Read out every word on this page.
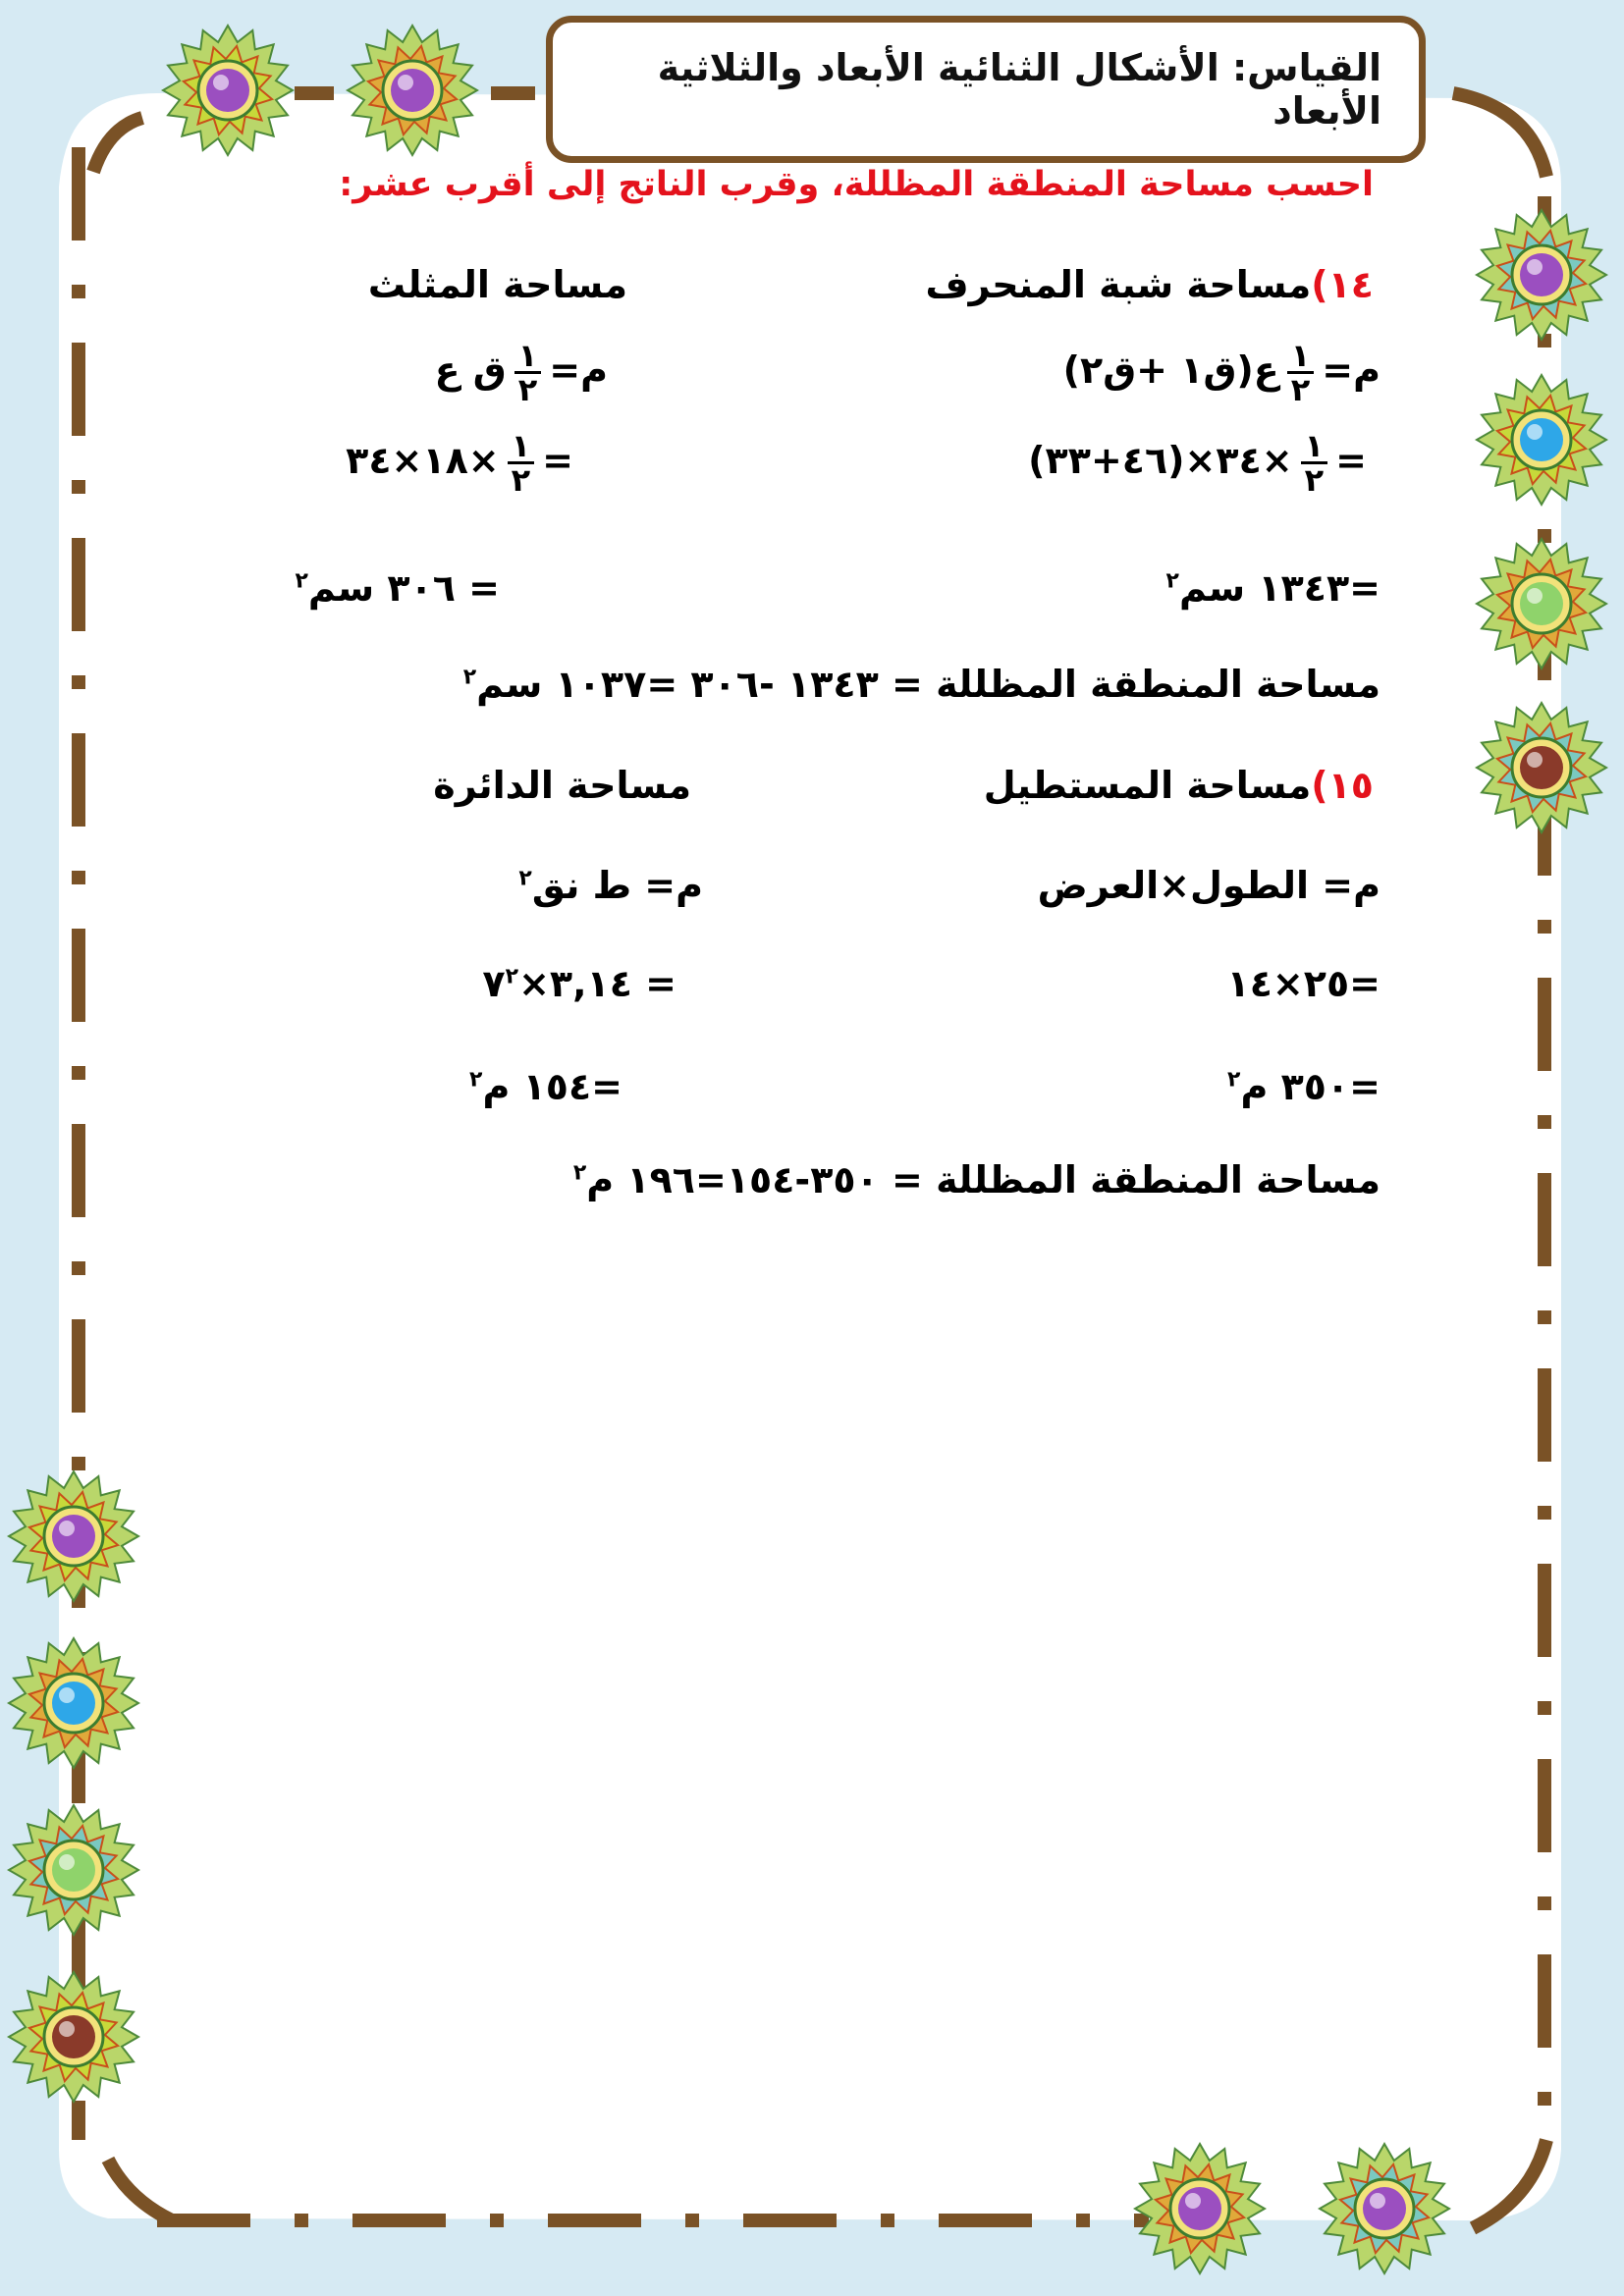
القياس: الأشكال الثنائية الأبعاد والثلاثية الأبعاد
احسب مساحة المنطقة المظللة، وقرب الناتج إلى أقرب عشر:
١٤)مساحة شبة المنحرف
مساحة المثلث
م=
$\frac{١}{٢}$
ع(ق١ +ق٢)
م=
$\frac{١}{٢}$
ق ع
=
$\frac{١}{٢}$
×٣٤×(٤٦+٣٣)
=
$\frac{١}{٢}$
×١٨×٣٤
=١٣٤٣ سم$^٢$
= ٣٠٦ سم$^٢$
مساحة المنطقة المظللة = ١٣٤٣ -٣٠٦ =١٠٣٧ سم$^٢$
١٥)مساحة المستطيل
مساحة الدائرة
م= الطول×العرض
م= ط نق$^٢$
=٢٥×١٤
= $٣,١٤\times ٧^٢$
=٣٥٠ م$^٢$
=١٥٤ م$^٢$
مساحة المنطقة المظللة = ٣٥٠-١٥٤=١٩٦ م$^٢$
